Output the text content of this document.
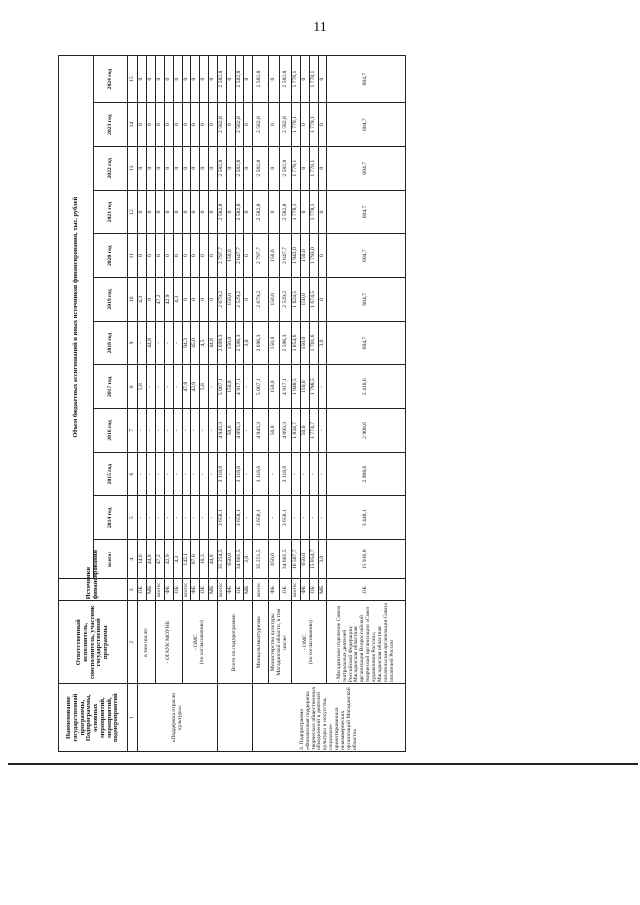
11
Наименование государственной программы, Подпрограммы, основных мероприятий, мероприятий, подмероприятий	Ответственный исполнитель, соисполнитель, участник государственной программы	Источники финансирования	Объем бюджетных ассигнований и иных источников финансирования, тыс. рублей											
			всего:	2014 год	2015 год	2016 год	2017 год	2018 год	2019 год	2020 год	2021 год	2022 год	2023 год	2024 год
1	2	3	4	5	6	7	8	9	10	11	12	13	14	15
«Поддержка отрасли культуры»	в том числе:	ОБ	14,6	-	-	-	5,8	-	4,3	0	0	0	0	0
		МБ	44,8	-	-	-	-	44,8	0	0	0	0	0	0
	- ОГАУК МОУНБ	всего:	47,2	-	-	-	-	-	47,2	0	0	0	0	0
		ФБ	42,9	-	-	-	-	-	42,9	0	0	0	0	0
		ОБ	4,3	-	-	-	-	-	4,3	0	0	0	0	0
	- ОМС
(по согласованию)	всего:	142,1	-	-	-	47,8	94,3	0	0	0	0	0	0
		ФБ	87,0	-	-	-	42,0	45,0	0	0	0	0	0	0
		ОБ	10,3	-	-	-	5,8	4,5	0	0	0	0	0	0
		МБ	44,8	-	-	-	-	44,8	0	0	0	0	0	0
	Всего по подпрограмме:	всего:	35 254,5	3 658,1	3 118,6	4 943,3	5 067,1	2 699,3	2 679,2	2 797,7	2 582,8	2 582,8	2 582,8	2 582,8
		ФБ	650,0	-	-	50,0	150,0	150,0	150,0	150,0	0	0	0	0
		ОБ	34 601,5	3 658,1	3 118,6	4 893,3	4 917,1	2 596,3	2 529,2	2 647,7	2 582,8	2 582,8	2 582,8	2 582,8
		МБ	3,0	-	-	-	-	3,0	0	0	0	0	0	0
3. Подпрограмма «Финансовая поддержка творческих общественных объединений и деятелей культуры и искусства, социально-ориентированных некоммерческих организаций Магаданской области»	Минкультмолтуризма	всего:	35 251,5	3 658,1	3 118,6	4 943,3	5 067,1	2 696,3	2 679,2	2 797,7	2 582,8	2 582,8	2 582,8	2 582,8
	Министерство культуры Магаданской области, в том числе:	ФБ	650,0	-	-	50,0	150,0	150,0	150,0	150,0	0	0	0	0
		ОБ	34 601,5	3 658,1	3 118,6	4 893,3	4 917,1	2 596,3	2 529,2	2 647,7	2 582,8	2 582,8	2 582,8	2 582,8
	- ОМС
(по согласованию)	всего:	16 507,7	-	-	1 834,7	1 948,5	1 854,6	1 824,5	1 943,0	1 778,1	1 778,1	1 778,1	1 778,1
		ФБ	650,0	-	-	50,0	150,0	150,0	150,0	150,0	0	0	0	0
		ОБ	15 854,7	-	-	1 774,7	1 798,5	1 701,6	1 674,5	1 793,0	1 778,1	1 778,1	1 778,1	1 778,1
		МБ	3,0	-	-	-	-	3,0	0	0	0	0	0	0
	- Магаданское отделение Союза театральных деятелей Российской Федерации; Магаданская областная организация Всероссийской творческой организации «Союз художников России»; Магаданская областная писательская организация Союза писателей России	ОБ	15 916,8	3 448,1	2 908,6	2 908,6	2 418,6	604,7	604,7	604,7	604,7	604,7	604,7	604,7
